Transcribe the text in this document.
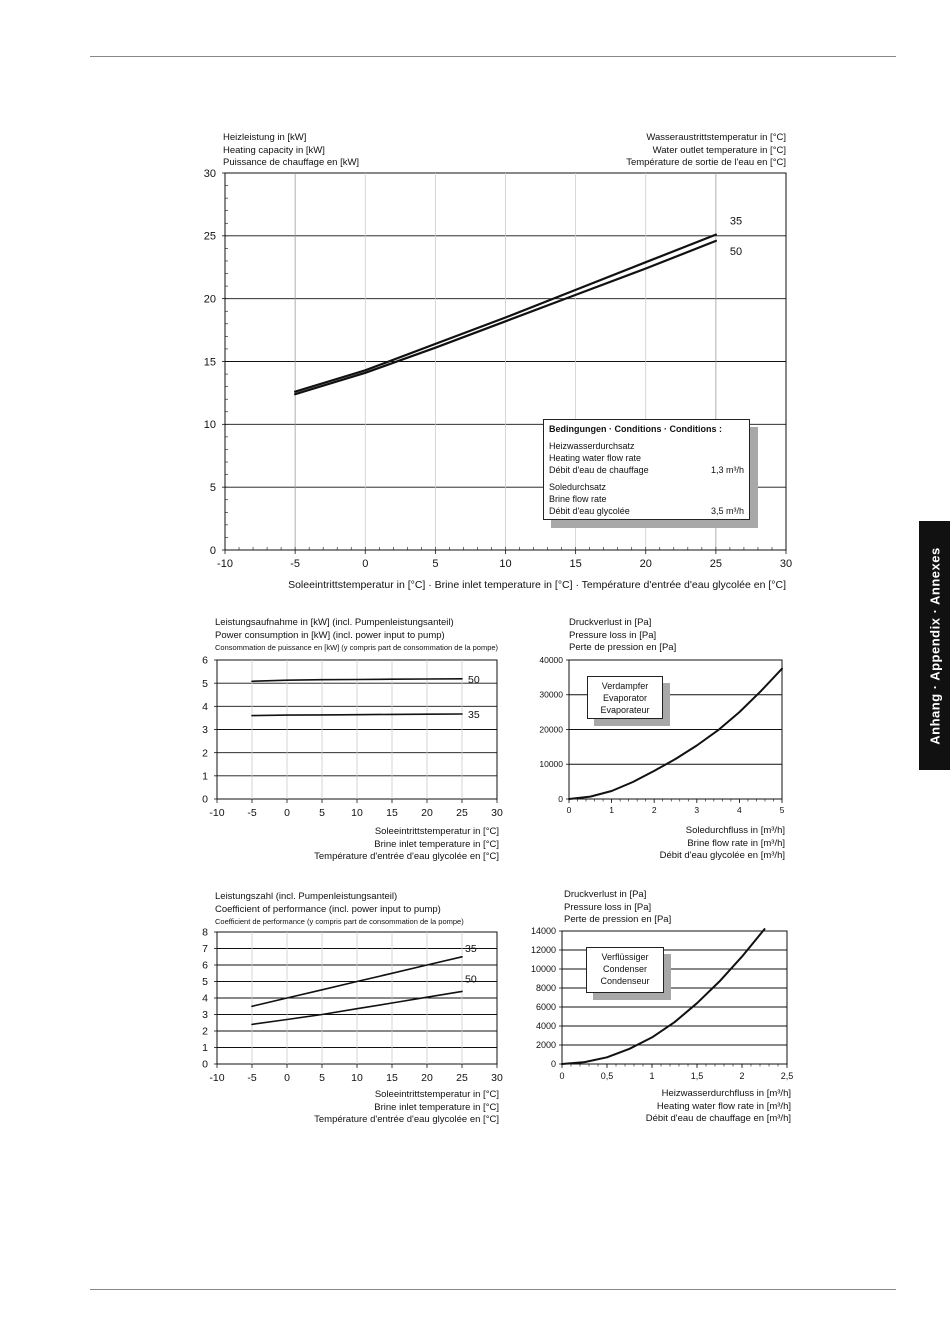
Anhang · Appendix · Annexes
-10	-5	0	5	10	15	20	25	30
0
5
10
15
20
25
30
35
50
-10 -5	0	5 10 15 20 25 30
0
1
2
3
4
5
6
50
35
0	1	2	3	4	5
0
10000
20000
30000
40000
-10 -5	0	5 10 15 20 25 30
0
1
2
3
4
5
6
7
8
35
50
0	0,5	1	1,5	2	2,5
0
2000
4000
6000
8000
10000
12000
14000
Heizleistung in [kW]
Heating capacity in [kW]
Puissance de chauffage en [kW]
Wasseraustrittstemperatur in [°C]
Water outlet temperature in [°C]
Température de sortie de l'eau en [°C]
Soleeintrittstemperatur in [°C] · Brine inlet temperature in [°C] · Température d'entrée d'eau glycolée en [°C]
Bedingungen · Conditions · Conditions :
Heizwasserdurchsatz
Heating water flow rate
Débit d'eau de chauffage	1,3 m³/h
Soledurchsatz
Brine flow rate
Débit d'eau glycolée	3,5 m³/h
Leistungsaufnahme in [kW] (incl. Pumpenleistungsanteil)
Power consumption in [kW] (incl. power input to pump)
Consommation de puissance en [kW] (y compris part de consommation de la pompe)
Soleeintrittstemperatur in [°C]
Brine inlet temperature in [°C]
Température d'entrée d'eau glycolée en [°C]
Druckverlust in [Pa]
Pressure loss in [Pa]
Perte de pression en [Pa]
Soledurchfluss in [m³/h]
Brine flow rate in [m³/h]
Débit d'eau glycolée en [m³/h]
Verdampfer
Evaporator
Evaporateur
Leistungszahl (incl. Pumpenleistungsanteil)
Coefficient of performance (incl. power input to pump)
Coefficient de performance (y compris part de consommation de la pompe)
Soleeintrittstemperatur in [°C]
Brine inlet temperature in [°C]
Température d'entrée d'eau glycolée en [°C]
Druckverlust in [Pa]
Pressure loss in [Pa]
Perte de pression en [Pa]
Heizwasserdurchfluss in [m³/h]
Heating water flow rate in [m³/h]
Débit d'eau de chauffage en [m³/h]
Verflüssiger
Condenser
Condenseur
